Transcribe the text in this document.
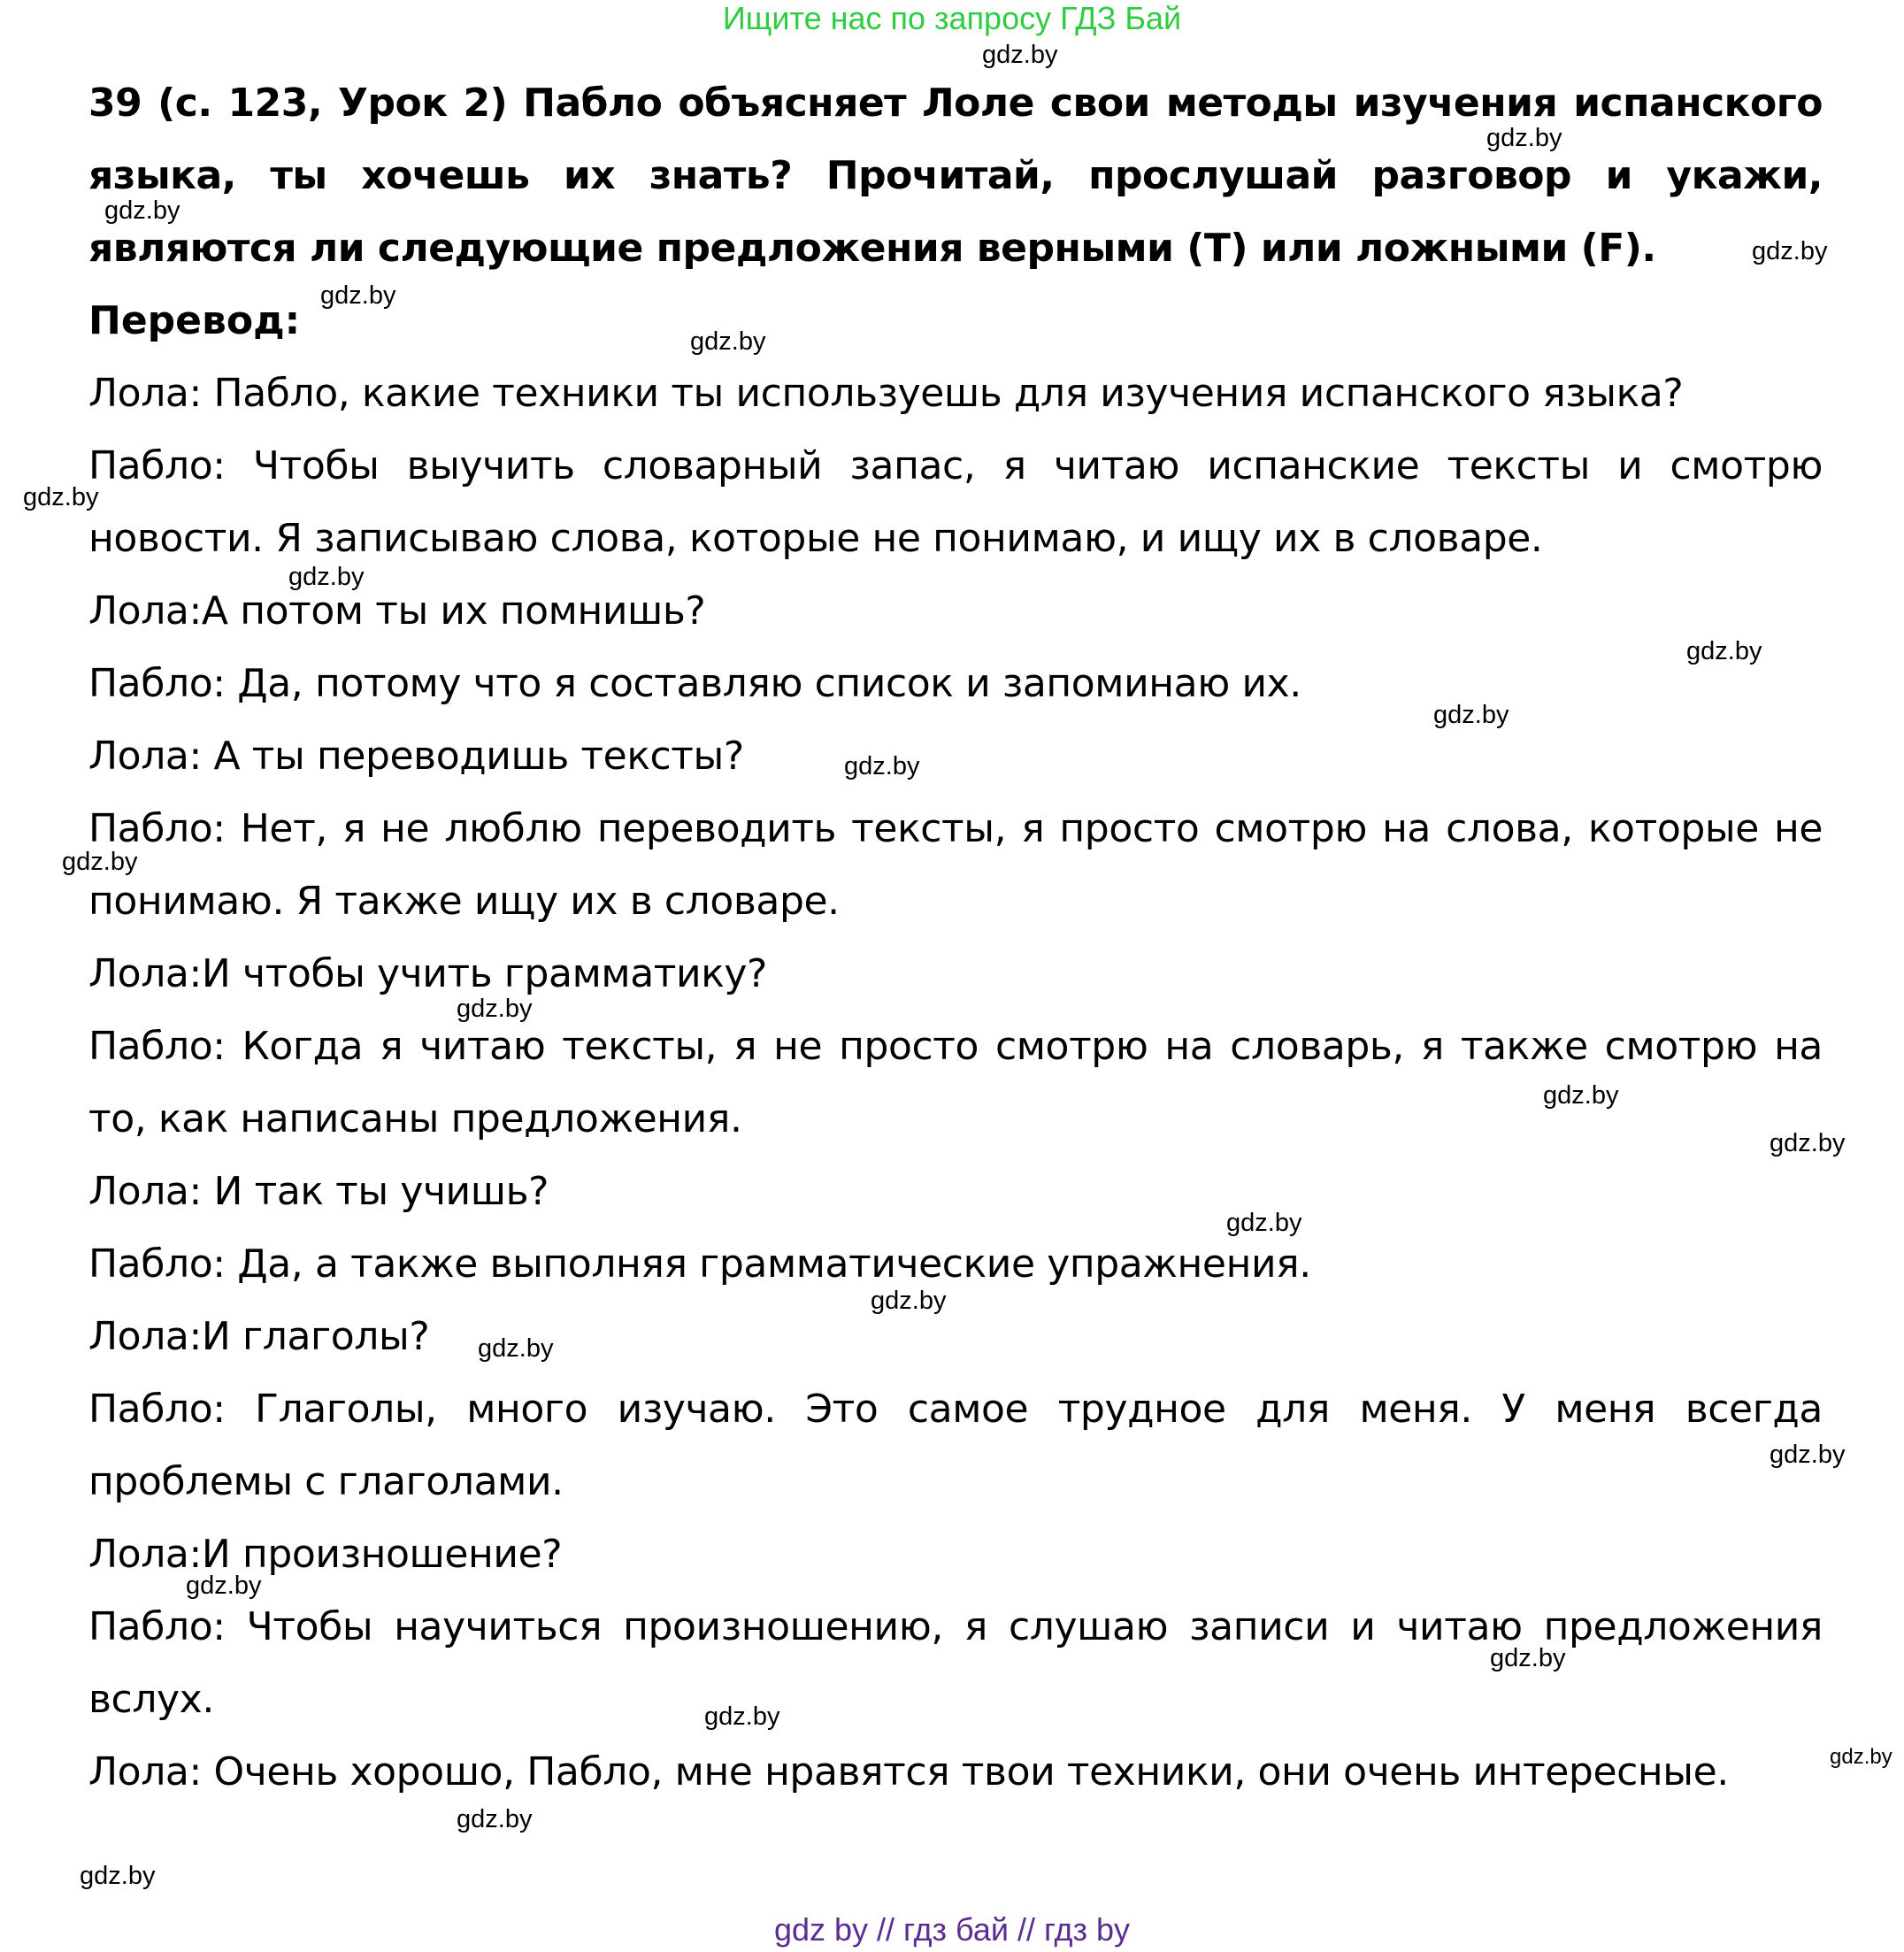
Ищите нас по запросу ГДЗ Бай

39 (с. 123, Урок 2) Пабло объясняет Лоле свои методы изучения испанского языка, ты хочешь их знать? Прочитай, прослушай разговор и укажи, являются ли следующие предложения верными (T) или ложными (F).

Перевод:

Лола: Пабло, какие техники ты используешь для изучения испанского языка?

Пабло: Чтобы выучить словарный запас, я читаю испанские тексты и смотрю новости. Я записываю слова, которые не понимаю, и ищу их в словаре.

Лола:А потом ты их помнишь?

Пабло: Да, потому что я составляю список и запоминаю их.

Лола: А ты переводишь тексты?

Пабло: Нет, я не люблю переводить тексты, я просто смотрю на слова, которые не понимаю. Я также ищу их в словаре.

Лола:И чтобы учить грамматику?

Пабло: Когда я читаю тексты, я не просто смотрю на словарь, я также смотрю на то, как написаны предложения.

Лола: И так ты учишь?

Пабло: Да, а также выполняя грамматические упражнения.

Лола:И глаголы?

Пабло: Глаголы, много изучаю. Это самое трудное для меня. У меня всегда проблемы с глаголами.

Лола:И произношение?

Пабло: Чтобы научиться произношению, я слушаю записи и читаю предложения вслух.

Лола: Очень хорошо, Пабло, мне нравятся твои техники, они очень интересные.

gdz.by
gdz.by
gdz.by
gdz.by
gdz.by
gdz.by
gdz.by
gdz.by
gdz.by
gdz.by
gdz.by
gdz.by
gdz.by
gdz.by
gdz.by
gdz.by
gdz.by
gdz.by
gdz.by
gdz.by
gdz.by
gdz.by
gdz.by
gdz.by
gdz.by
gdz by // гдз бай // гдз by
